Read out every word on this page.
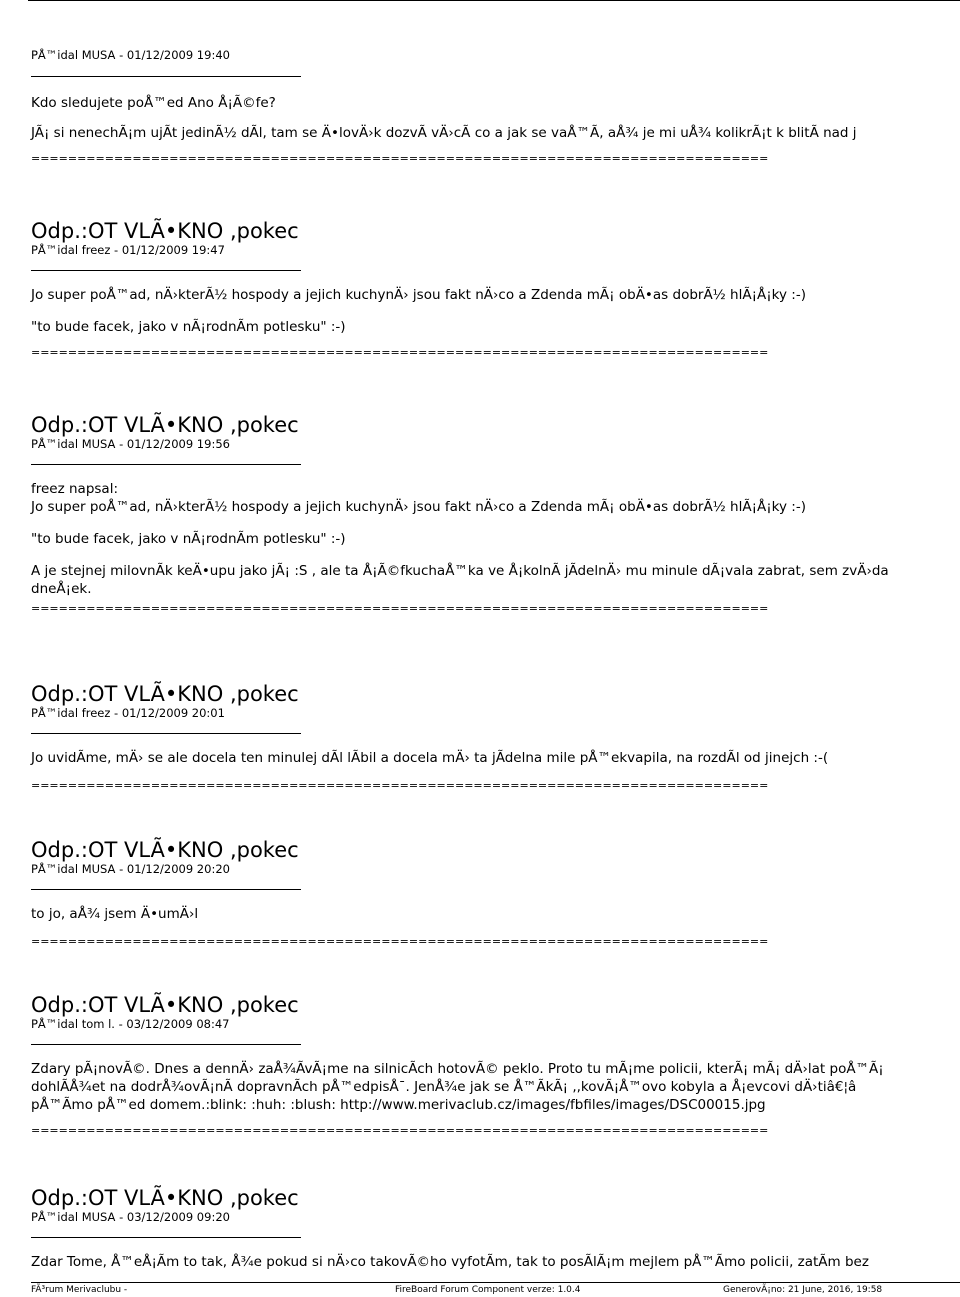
PÅ™idal MUSA - 01/12/2009 19:40
Kdo sledujete poÅ™ed Ano Å¡Ã©fe?
JÃ¡ si nenechÃ¡m ujÃt jedinÃ½ dÃl, tam se Ä•lovÄ›k dozvÃ vÄ›cÃ co a jak se vaÅ™Ã, aÅ¾ je mi uÅ¾ kolikrÃ¡t k blitÃ nad j
================================================================================
Odp.:OT VLÃ•KNO ,pokec
PÅ™idal freez - 01/12/2009 19:47
Jo super poÅ™ad, nÄ›kterÃ½ hospody a jejich kuchynÄ› jsou fakt nÄ›co a Zdenda mÃ¡ obÄ•as dobrÃ½ hlÃ¡Å¡ky :-)
"to bude facek, jako v nÃ¡rodnÃm potlesku" :-)
================================================================================
Odp.:OT VLÃ•KNO ,pokec
PÅ™idal MUSA - 01/12/2009 19:56
freez napsal:
Jo super poÅ™ad, nÄ›kterÃ½ hospody a jejich kuchynÄ› jsou fakt nÄ›co a Zdenda mÃ¡ obÄ•as dobrÃ½ hlÃ¡Å¡ky :-)
"to bude facek, jako v nÃ¡rodnÃm potlesku" :-)
A je stejnej milovnÃk keÄ•upu jako jÃ¡ :S , ale ta Å¡Ã©fkuchaÅ™ka ve Å¡kolnÃ jÃdelnÄ› mu minule dÃ¡vala zabrat, sem zvÄ›da
dneÅ¡ek.
================================================================================
Odp.:OT VLÃ•KNO ,pokec
PÅ™idal freez - 01/12/2009 20:01
Jo uvidÃme, mÄ› se ale docela ten minulej dÃl lÃbil a docela mÄ› ta jÃdelna mile pÅ™ekvapila, na rozdÃl od jinejch :-(
================================================================================
Odp.:OT VLÃ•KNO ,pokec
PÅ™idal MUSA - 01/12/2009 20:20
to jo, aÅ¾ jsem Ä•umÄ›l
================================================================================
Odp.:OT VLÃ•KNO ,pokec
PÅ™idal tom l. - 03/12/2009 08:47
Zdary pÃ¡novÃ©. Dnes a dennÄ› zaÅ¾ÃvÃ¡me na silnicÃch hotovÃ© peklo. Proto tu mÃ¡me policii, kterÃ¡ mÃ¡ dÄ›lat poÅ™Ã¡
dohlÃÅ¾et na dodrÅ¾ovÃ¡nÃ dopravnÃch pÅ™edpisÅ¯. JenÅ¾e jak se Å™ÃkÃ¡ ,,kovÃ¡Å™ovo kobyla a Å¡evcovi dÄ›tiâ€¦â
pÅ™Ãmo pÅ™ed domem.:blink: :huh: :blush: http://www.merivaclub.cz/images/fbfiles/images/DSC00015.jpg
================================================================================
Odp.:OT VLÃ•KNO ,pokec
PÅ™idal MUSA - 03/12/2009 09:20
Zdar Tome, Å™eÅ¡Ãm to tak, Å¾e pokud si nÄ›co takovÃ©ho vyfotÃm, tak to posÃlÃ¡m mejlem pÅ™Ãmo policii, zatÃm bez
FÃ³rum Merivaclubu -	FireBoard Forum Component verze: 1.0.4	GenerovÃ¡no: 21 June, 2016, 19:58
